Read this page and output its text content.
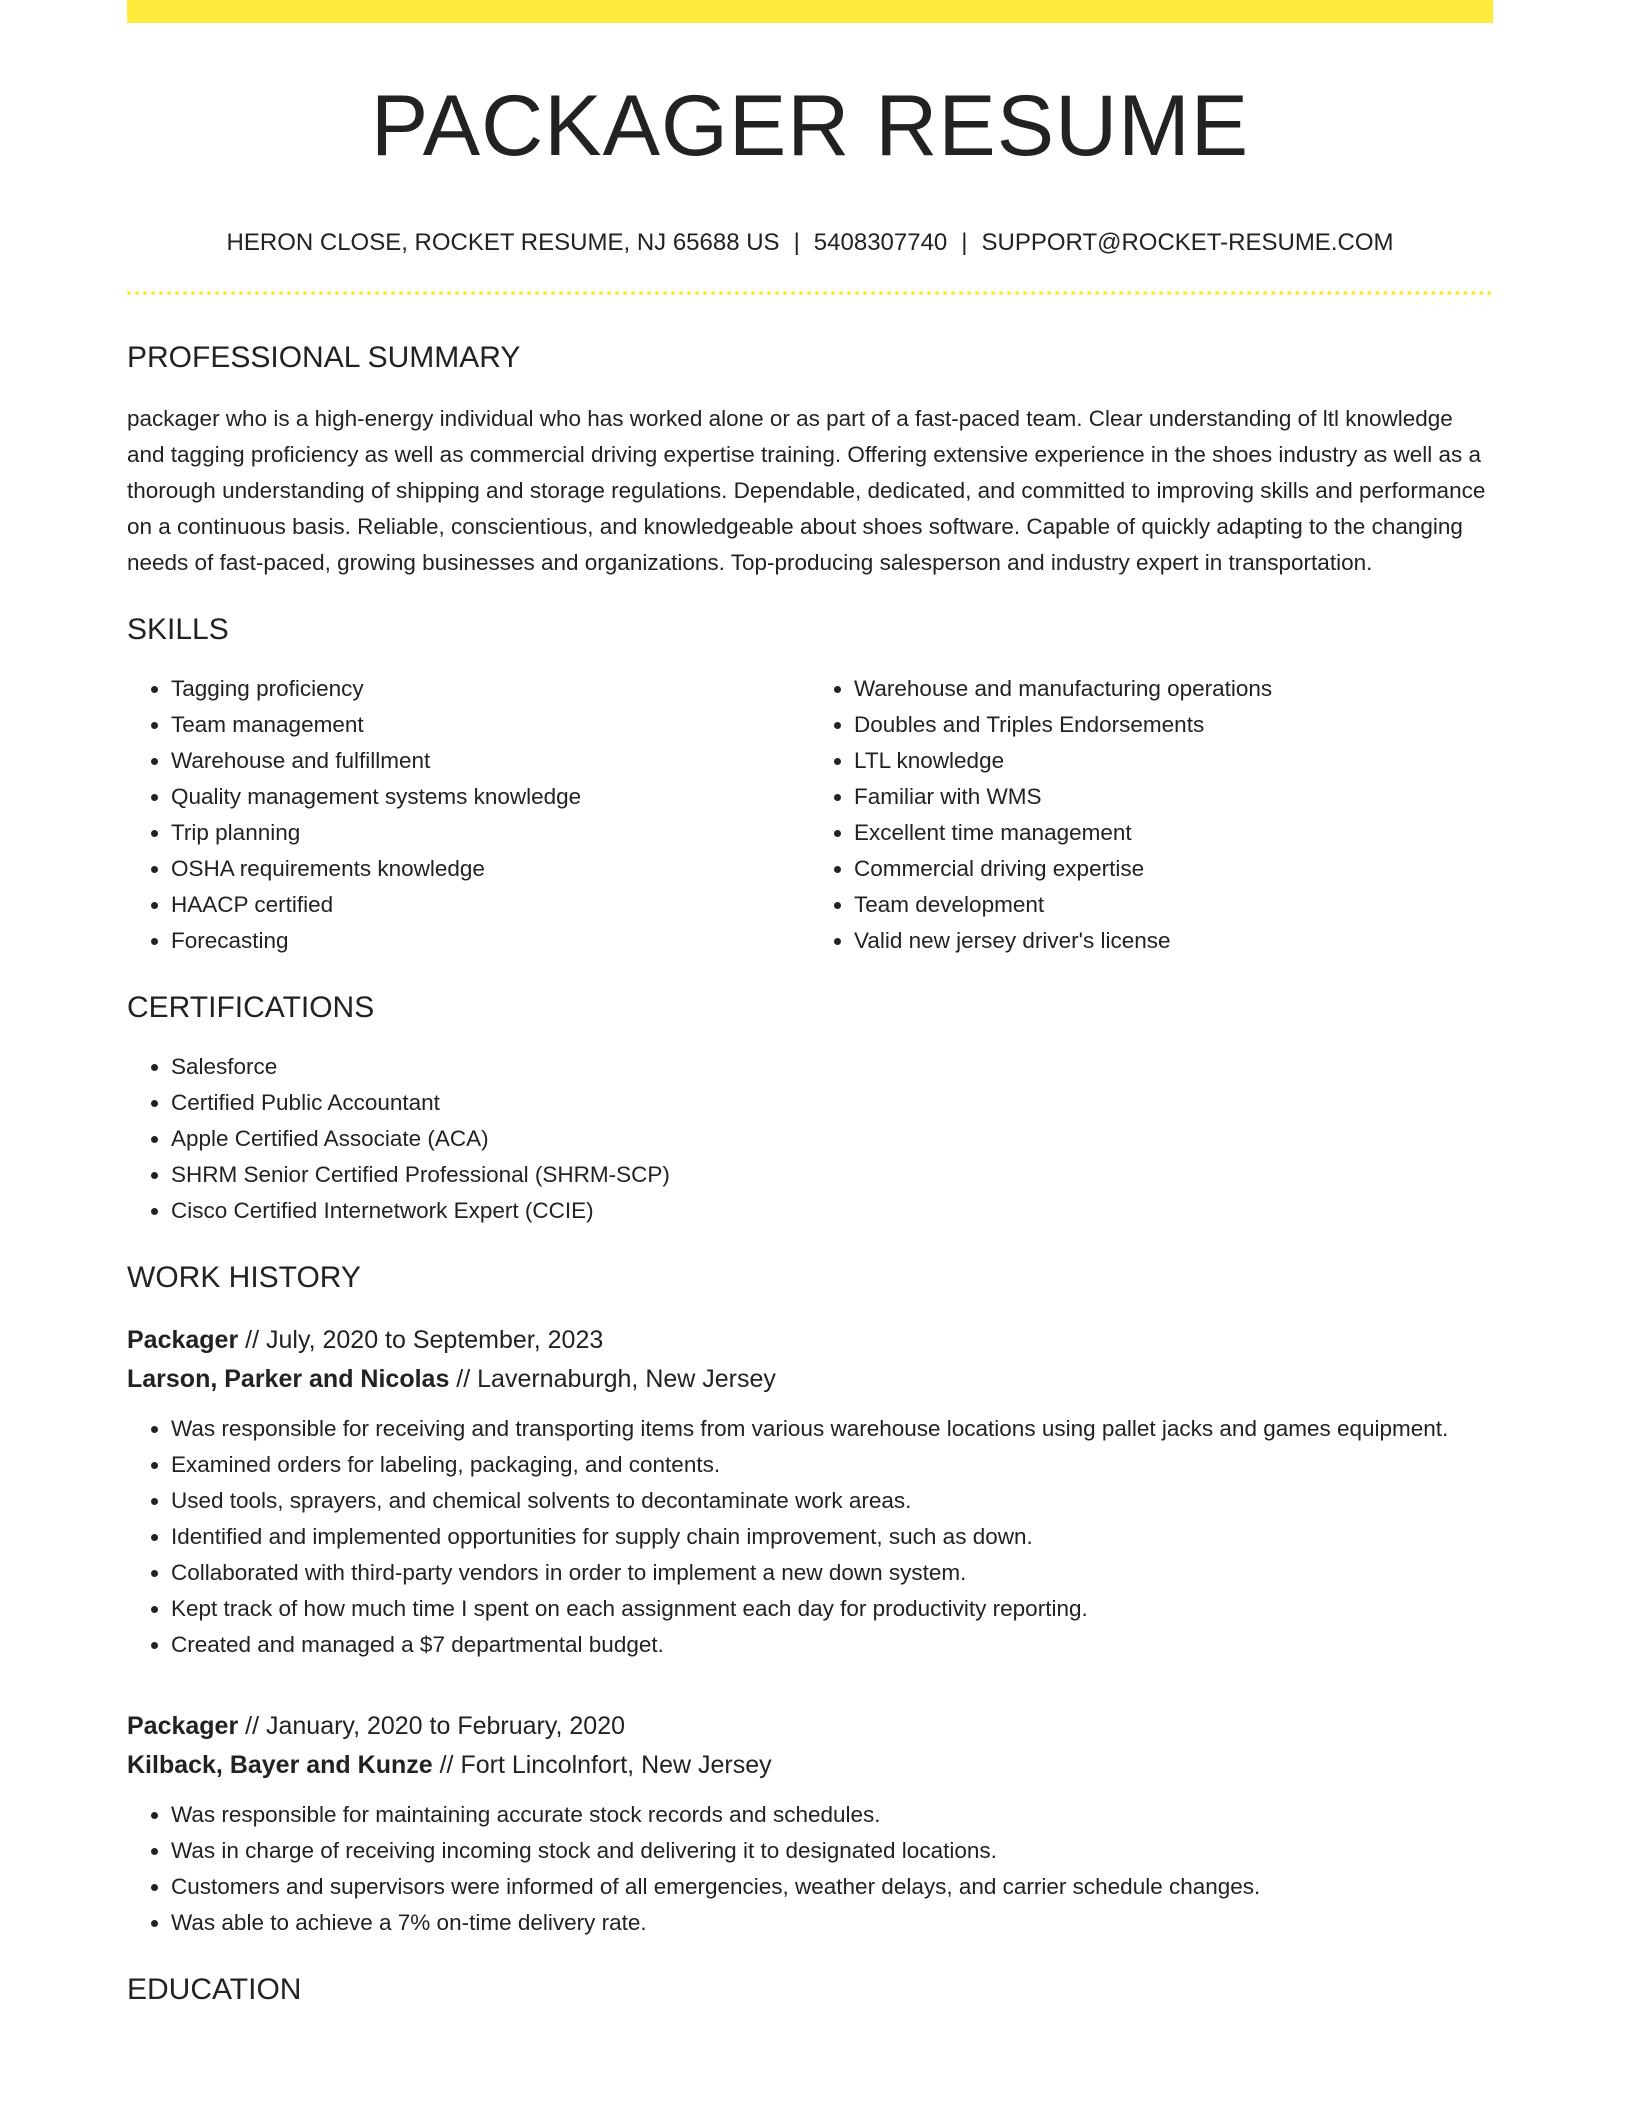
PACKAGER RESUME
HERON CLOSE, ROCKET RESUME, NJ 65688 US | 5408307740 | SUPPORT@ROCKET-RESUME.COM
PROFESSIONAL SUMMARY
packager who is a high-energy individual who has worked alone or as part of a fast-paced team. Clear understanding of ltl knowledge and tagging proficiency as well as commercial driving expertise training. Offering extensive experience in the shoes industry as well as a thorough understanding of shipping and storage regulations. Dependable, dedicated, and committed to improving skills and performance on a continuous basis. Reliable, conscientious, and knowledgeable about shoes software. Capable of quickly adapting to the changing needs of fast-paced, growing businesses and organizations. Top-producing salesperson and industry expert in transportation.
SKILLS
• Tagging proficiency
• Team management
• Warehouse and fulfillment
• Quality management systems knowledge
• Trip planning
• OSHA requirements knowledge
• HAACP certified
• Forecasting
• Warehouse and manufacturing operations
• Doubles and Triples Endorsements
• LTL knowledge
• Familiar with WMS
• Excellent time management
• Commercial driving expertise
• Team development
• Valid new jersey driver's license
CERTIFICATIONS
• Salesforce
• Certified Public Accountant
• Apple Certified Associate (ACA)
• SHRM Senior Certified Professional (SHRM-SCP)
• Cisco Certified Internetwork Expert (CCIE)
WORK HISTORY
Packager // July, 2020 to September, 2023
Larson, Parker and Nicolas // Lavernaburgh, New Jersey
• Was responsible for receiving and transporting items from various warehouse locations using pallet jacks and games equipment.
• Examined orders for labeling, packaging, and contents.
• Used tools, sprayers, and chemical solvents to decontaminate work areas.
• Identified and implemented opportunities for supply chain improvement, such as down.
• Collaborated with third-party vendors in order to implement a new down system.
• Kept track of how much time I spent on each assignment each day for productivity reporting.
• Created and managed a $7 departmental budget.
Packager // January, 2020 to February, 2020
Kilback, Bayer and Kunze // Fort Lincolnfort, New Jersey
• Was responsible for maintaining accurate stock records and schedules.
• Was in charge of receiving incoming stock and delivering it to designated locations.
• Customers and supervisors were informed of all emergencies, weather delays, and carrier schedule changes.
• Was able to achieve a 7% on-time delivery rate.
EDUCATION
